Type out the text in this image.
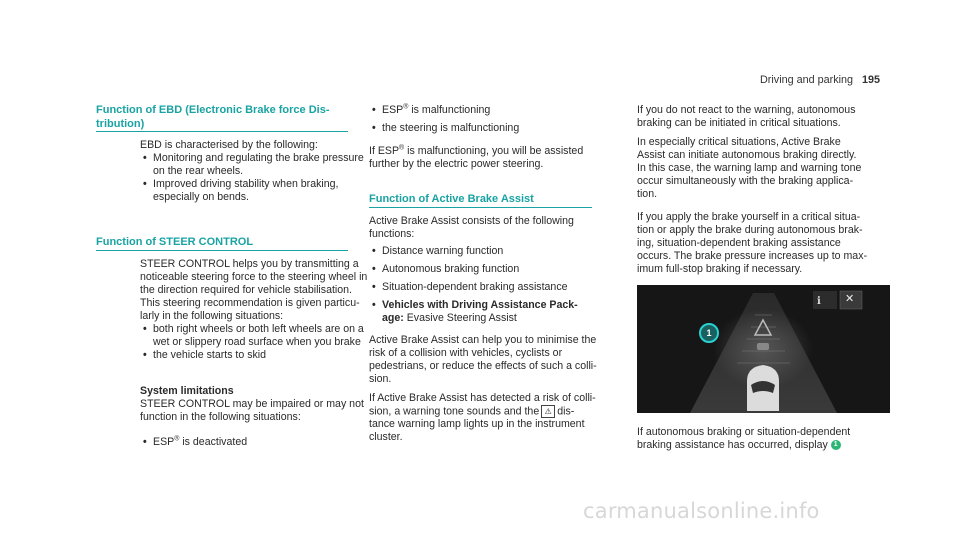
Driving and parking 195
Function of EBD (Electronic Brake force Dis-
tribution)
EBD is characterised by the following:
• Monitoring and regulating the brake pressure
on the rear wheels.
• Improved driving stability when braking,
especially on bends.
Function of STEER CONTROL
STEER CONTROL helps you by transmitting a
noticeable steering force to the steering wheel in
the direction required for vehicle stabilisation.
This steering recommendation is given particu-
larly in the following situations:
• both right wheels or both left wheels are on a
wet or slippery road surface when you brake
• the vehicle starts to skid
System limitations
STEER CONTROL may be impaired or may not
function in the following situations:
• ESP® is deactivated
• ESP® is malfunctioning
• the steering is malfunctioning
If ESP® is malfunctioning, you will be assisted
further by the electric power steering.
Function of Active Brake Assist
Active Brake Assist consists of the following
functions:
• Distance warning function
• Autonomous braking function
• Situation-dependent braking assistance
• Vehicles with Driving Assistance Pack-
age: Evasive Steering Assist
Active Brake Assist can help you to minimise the
risk of a collision with vehicles, cyclists or
pedestrians, or reduce the effects of such a colli-
sion.
If Active Brake Assist has detected a risk of colli-
sion, a warning tone sounds and the ⚠ dis-
tance warning lamp lights up in the instrument
cluster.
If you do not react to the warning, autonomous
braking can be initiated in critical situations.
In especially critical situations, Active Brake
Assist can initiate autonomous braking directly.
In this case, the warning lamp and warning tone
occur simultaneously with the braking applica-
tion.
If you apply the brake yourself in a critical situa-
tion or apply the brake during autonomous brak-
ing, situation-dependent braking assistance
occurs. The brake pressure increases up to max-
imum full-stop braking if necessary.
1
i ✕
If autonomous braking or situation-dependent
braking assistance has occurred, display 1
carmanualsonline.info
